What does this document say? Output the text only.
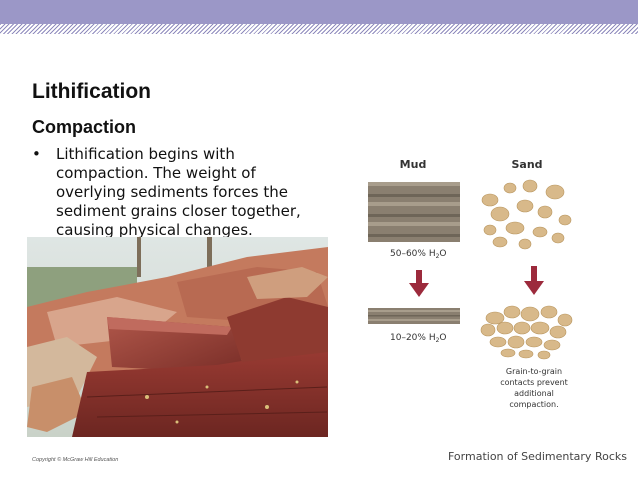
Lithification
Compaction
• Lithification begins with compaction. The weight of overlying sediments forces the sediment grains closer together, causing physical changes.
Mud	Sand
50–60% $H_2O$
10–20% $H_2O$
Grain-to-grain
contacts prevent
additional
compaction.
Copyright © McGraw Hill Education	Formation of Sedimentary Rocks
